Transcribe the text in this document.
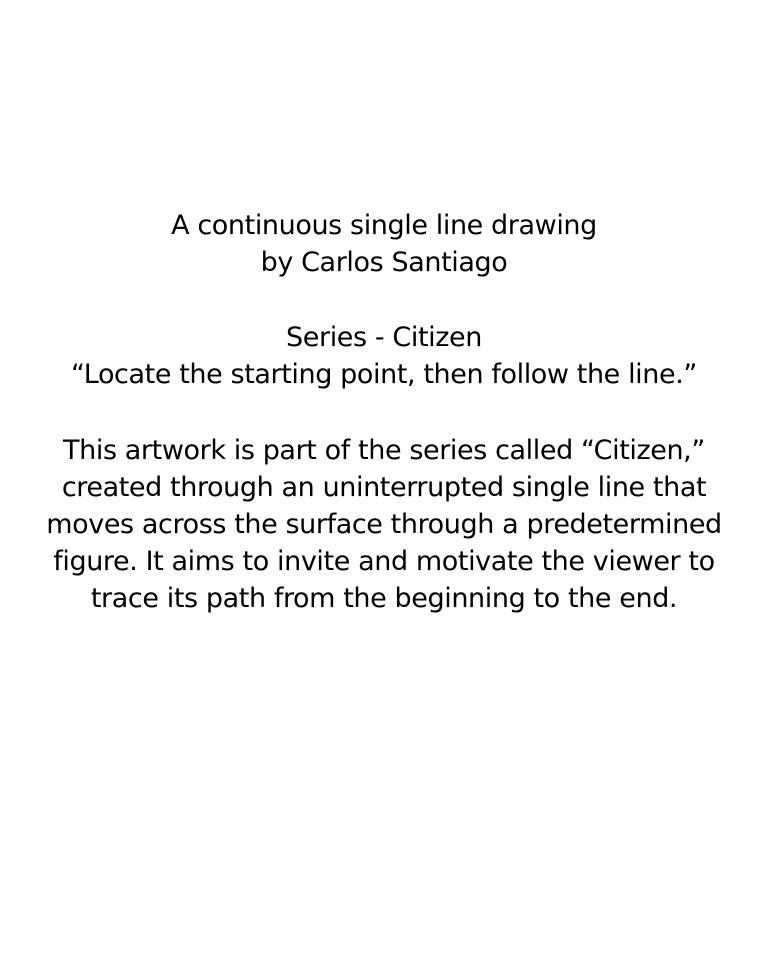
A continuous single line drawing
by Carlos Santiago
Series - Citizen
“Locate the starting point, then follow the line.”
This artwork is part of the series called “Citizen,”
created through an uninterrupted single line that
moves across the surface through a predetermined
figure. It aims to invite and motivate the viewer to
trace its path from the beginning to the end.
